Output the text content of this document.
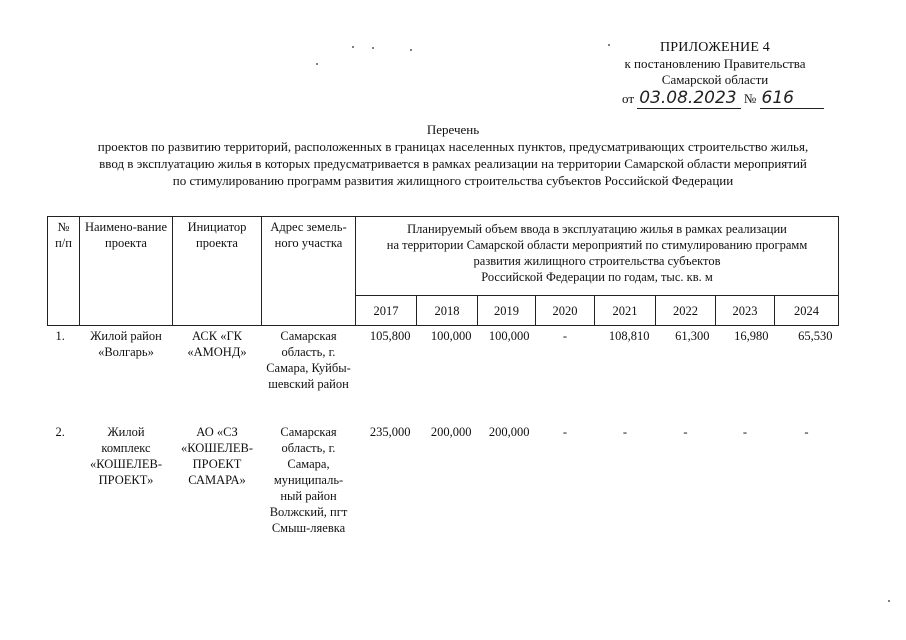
ПРИЛОЖЕНИЕ 4
к постановлению Правительства
Самарской области
от 03.08.2023 № 616
Перечень
проектов по развитию территорий, расположенных в границах населенных пунктов, предусматривающих строительство жилья,
ввод в эксплуатацию жилья в которых предусматривается в рамках реализации на территории Самарской области мероприятий
по стимулированию программ развития жилищного строительства субъектов Российской Федерации
№ п/п	Наимено-вание проекта	Инициатор проекта	Адрес земель-ного участка	Планируемый объем ввода в эксплуатацию жилья в рамках реализации
на территории Самарской области мероприятий по стимулированию программ
развития жилищного строительства субъектов
Российской Федерации по годам, тыс. кв. м							

				2017	2018	2019	2020	2021	2022	2023	2024
1.	Жилой район «Волгарь»	АСК «ГК «АМОНД»	Самарская область, г. Самара, Куйбы-шевский район	105,800	100,000	100,000	-	108,810	61,300	16,980	65,530
2.	Жилой комплекс «КОШЕЛЕВ-ПРОЕКТ»	АО «СЗ «КОШЕЛЕВ-ПРОЕКТ САМАРА»	Самарская область, г. Самара, муниципаль-ный район Волжский, пгт Смыш-ляевка	235,000	200,000	200,000	-	-	-	-	-
